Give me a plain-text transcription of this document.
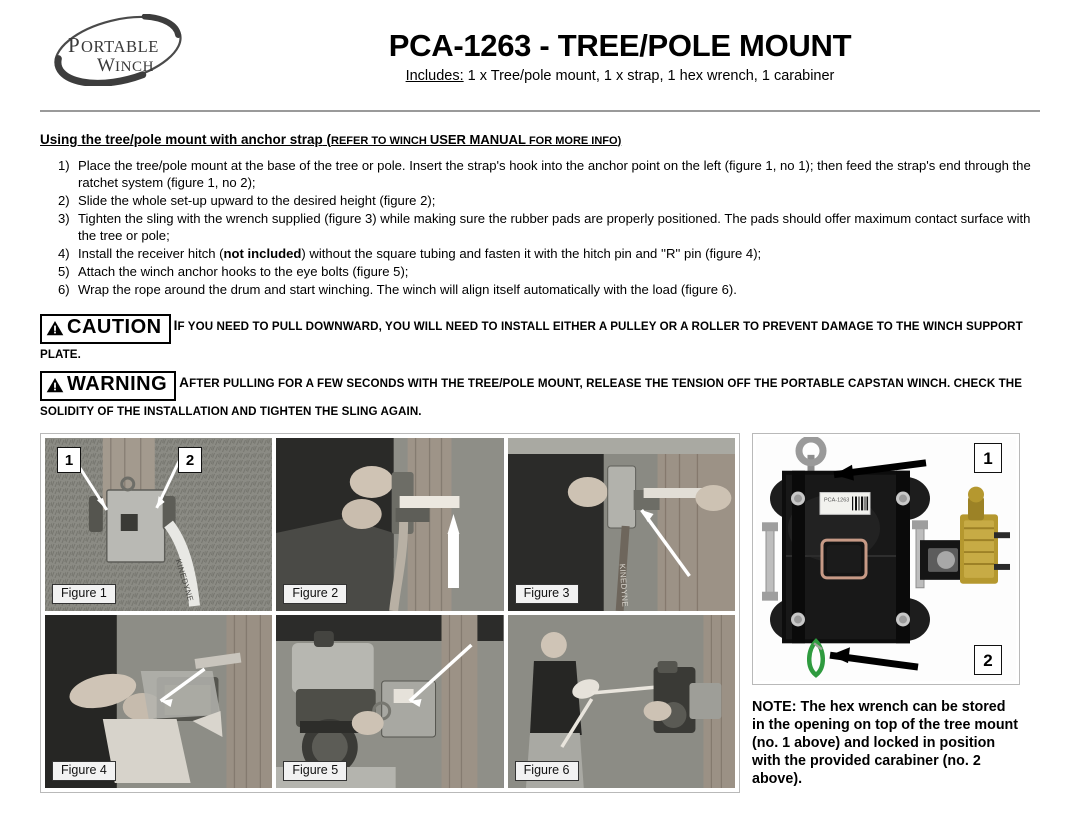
P ORTABLE
W INCH
PCA-1263 - TREE/POLE MOUNT
Includes: 1 x Tree/pole mount, 1 x strap, 1 hex wrench, 1 carabiner
Using the tree/pole mount with anchor strap (REFER TO WINCH USER MANUAL FOR MORE INFO)
1) Place the tree/pole mount at the base of the tree or pole. Insert the strap's hook into the anchor point on the left (figure 1, no 1); then feed the strap's end through the ratchet system (figure 1, no 2);
2) Slide the whole set-up upward to the desired height (figure 2);
3) Tighten the sling with the wrench supplied (figure 3) while making sure the rubber pads are properly positioned. The pads should offer maximum contact surface with the tree or pole;
4) Install the receiver hitch (not included) without the square tubing and fasten it with the hitch pin and ''R'' pin (figure 4);
5) Attach the winch anchor hooks to the eye bolts (figure 5);
6) Wrap the rope around the drum and start winching. The winch will align itself automatically with the load (figure 6).
CAUTION IF YOU NEED TO PULL DOWNWARD, YOU WILL NEED TO INSTALL EITHER A PULLEY OR A ROLLER TO PREVENT DAMAGE TO THE WINCH SUPPORT PLATE.
WARNING AFTER PULLING FOR A FEW SECONDS WITH THE TREE/POLE MOUNT, RELEASE THE TENSION OFF THE PORTABLE CAPSTAN WINCH. CHECK THE SOLIDITY OF THE INSTALLATION AND TIGHTEN THE SLING AGAIN.
KINEDYNE
1	2
Figure 1	Figure 2	KINEDYNE
Figure 3
Figure 4	Figure 5	Figure 6
PCA-1263
1
2
NOTE: The hex wrench can be stored in the opening on top of the tree mount (no. 1 above) and locked in position with the provided carabiner (no. 2 above).
